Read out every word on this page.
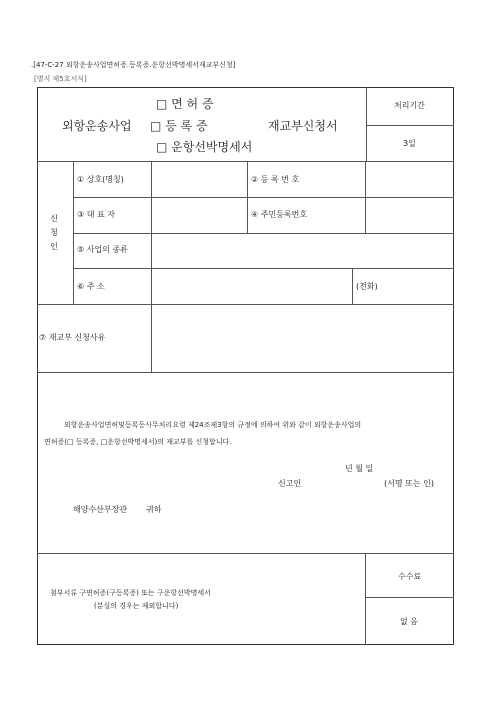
.[47-C-27 외항운송사업면허증.등록증.운항선박명세서재교부신청]
[별지 제5호서식]
□ 면 허 증
외항운송사업 □ 등 록 증	재교부신청서
□ 운항선박명세서
처리기간
3일
신
청
인
① 상호(명칭)	② 등 록 번 호
③ 대 표 자	④ 주민등록번호
⑤ 사업의 종류
⑥ 주 소	(전화)
⑦ 재교부 신청사유
외항운송사업면허및등록등사무처리요령 제24조제3항의 규정에 의하여 위와 같이 외항운송사업의
면허증(□ 등록증, □운항선박명세서)의 재교부를 신청합니다.
년 월 일
신고인	(서명 또는 인)
해양수산부장관 귀하
첨부서류 구면허증(구등록증) 또는 구운항선박명세서
(분실의 경우는 제외합니다)
수수료
없 음
